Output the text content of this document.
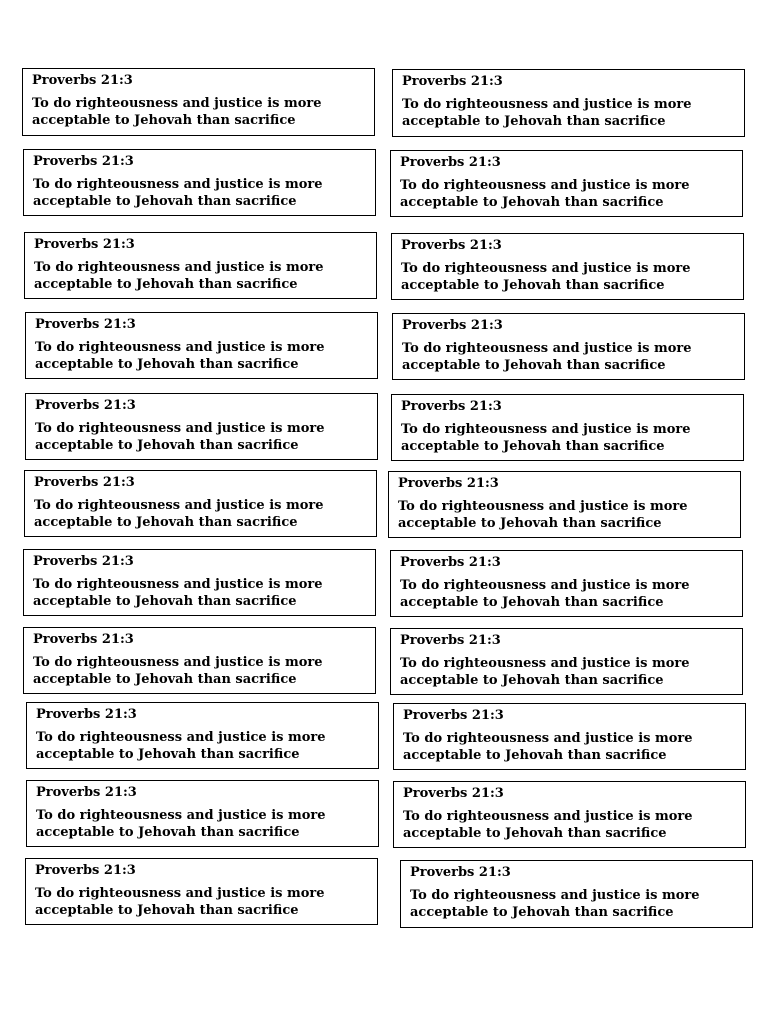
Proverbs 21:3
To do righteousness and justice is more acceptable to Jehovah than sacrifice
Proverbs 21:3
To do righteousness and justice is more acceptable to Jehovah than sacrifice
Proverbs 21:3
To do righteousness and justice is more acceptable to Jehovah than sacrifice
Proverbs 21:3
To do righteousness and justice is more acceptable to Jehovah than sacrifice
Proverbs 21:3
To do righteousness and justice is more acceptable to Jehovah than sacrifice
Proverbs 21:3
To do righteousness and justice is more acceptable to Jehovah than sacrifice
Proverbs 21:3
To do righteousness and justice is more acceptable to Jehovah than sacrifice
Proverbs 21:3
To do righteousness and justice is more acceptable to Jehovah than sacrifice
Proverbs 21:3
To do righteousness and justice is more acceptable to Jehovah than sacrifice
Proverbs 21:3
To do righteousness and justice is more acceptable to Jehovah than sacrifice
Proverbs 21:3
To do righteousness and justice is more acceptable to Jehovah than sacrifice
Proverbs 21:3
To do righteousness and justice is more acceptable to Jehovah than sacrifice
Proverbs 21:3
To do righteousness and justice is more acceptable to Jehovah than sacrifice
Proverbs 21:3
To do righteousness and justice is more acceptable to Jehovah than sacrifice
Proverbs 21:3
To do righteousness and justice is more acceptable to Jehovah than sacrifice
Proverbs 21:3
To do righteousness and justice is more acceptable to Jehovah than sacrifice
Proverbs 21:3
To do righteousness and justice is more acceptable to Jehovah than sacrifice
Proverbs 21:3
To do righteousness and justice is more acceptable to Jehovah than sacrifice
Proverbs 21:3
To do righteousness and justice is more acceptable to Jehovah than sacrifice
Proverbs 21:3
To do righteousness and justice is more acceptable to Jehovah than sacrifice
Proverbs 21:3
To do righteousness and justice is more acceptable to Jehovah than sacrifice
Proverbs 21:3
To do righteousness and justice is more acceptable to Jehovah than sacrifice
